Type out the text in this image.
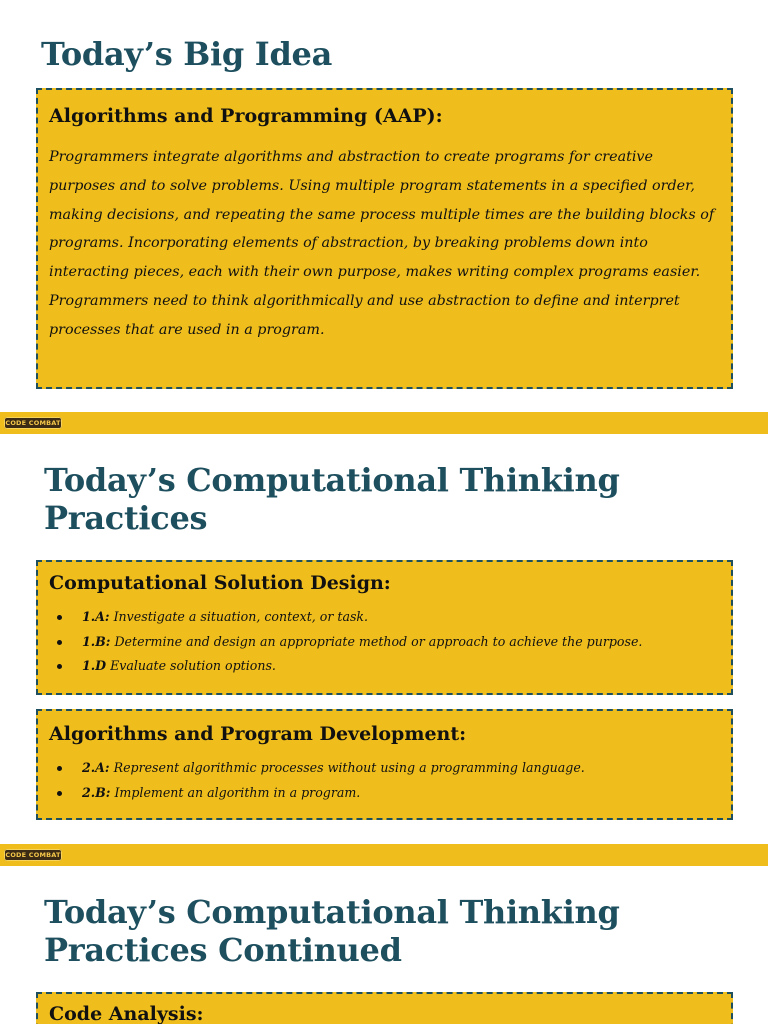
Today’s Big Idea
Algorithms and Programming (AAP):

Programmers integrate algorithms and abstraction to create programs for creative purposes and to solve problems. Using multiple program statements in a specified order, making decisions, and repeating the same process multiple times are the building blocks of programs. Incorporating elements of abstraction, by breaking problems down into interacting pieces, each with their own purpose, makes writing complex programs easier. Programmers need to think algorithmically and use abstraction to define and interpret processes that are used in a program.

CODE COMBAT
Today’s Computational Thinking Practices
Computational Solution Design:
1.A: Investigate a situation, context, or task.
1.B: Determine and design an appropriate method or approach to achieve the purpose.
1.D Evaluate solution options.
Algorithms and Program Development:
2.A: Represent algorithmic processes without using a programming language.
2.B: Implement an algorithm in a program.
CODE COMBAT
Today’s Computational Thinking Practices Continued
Code Analysis:
